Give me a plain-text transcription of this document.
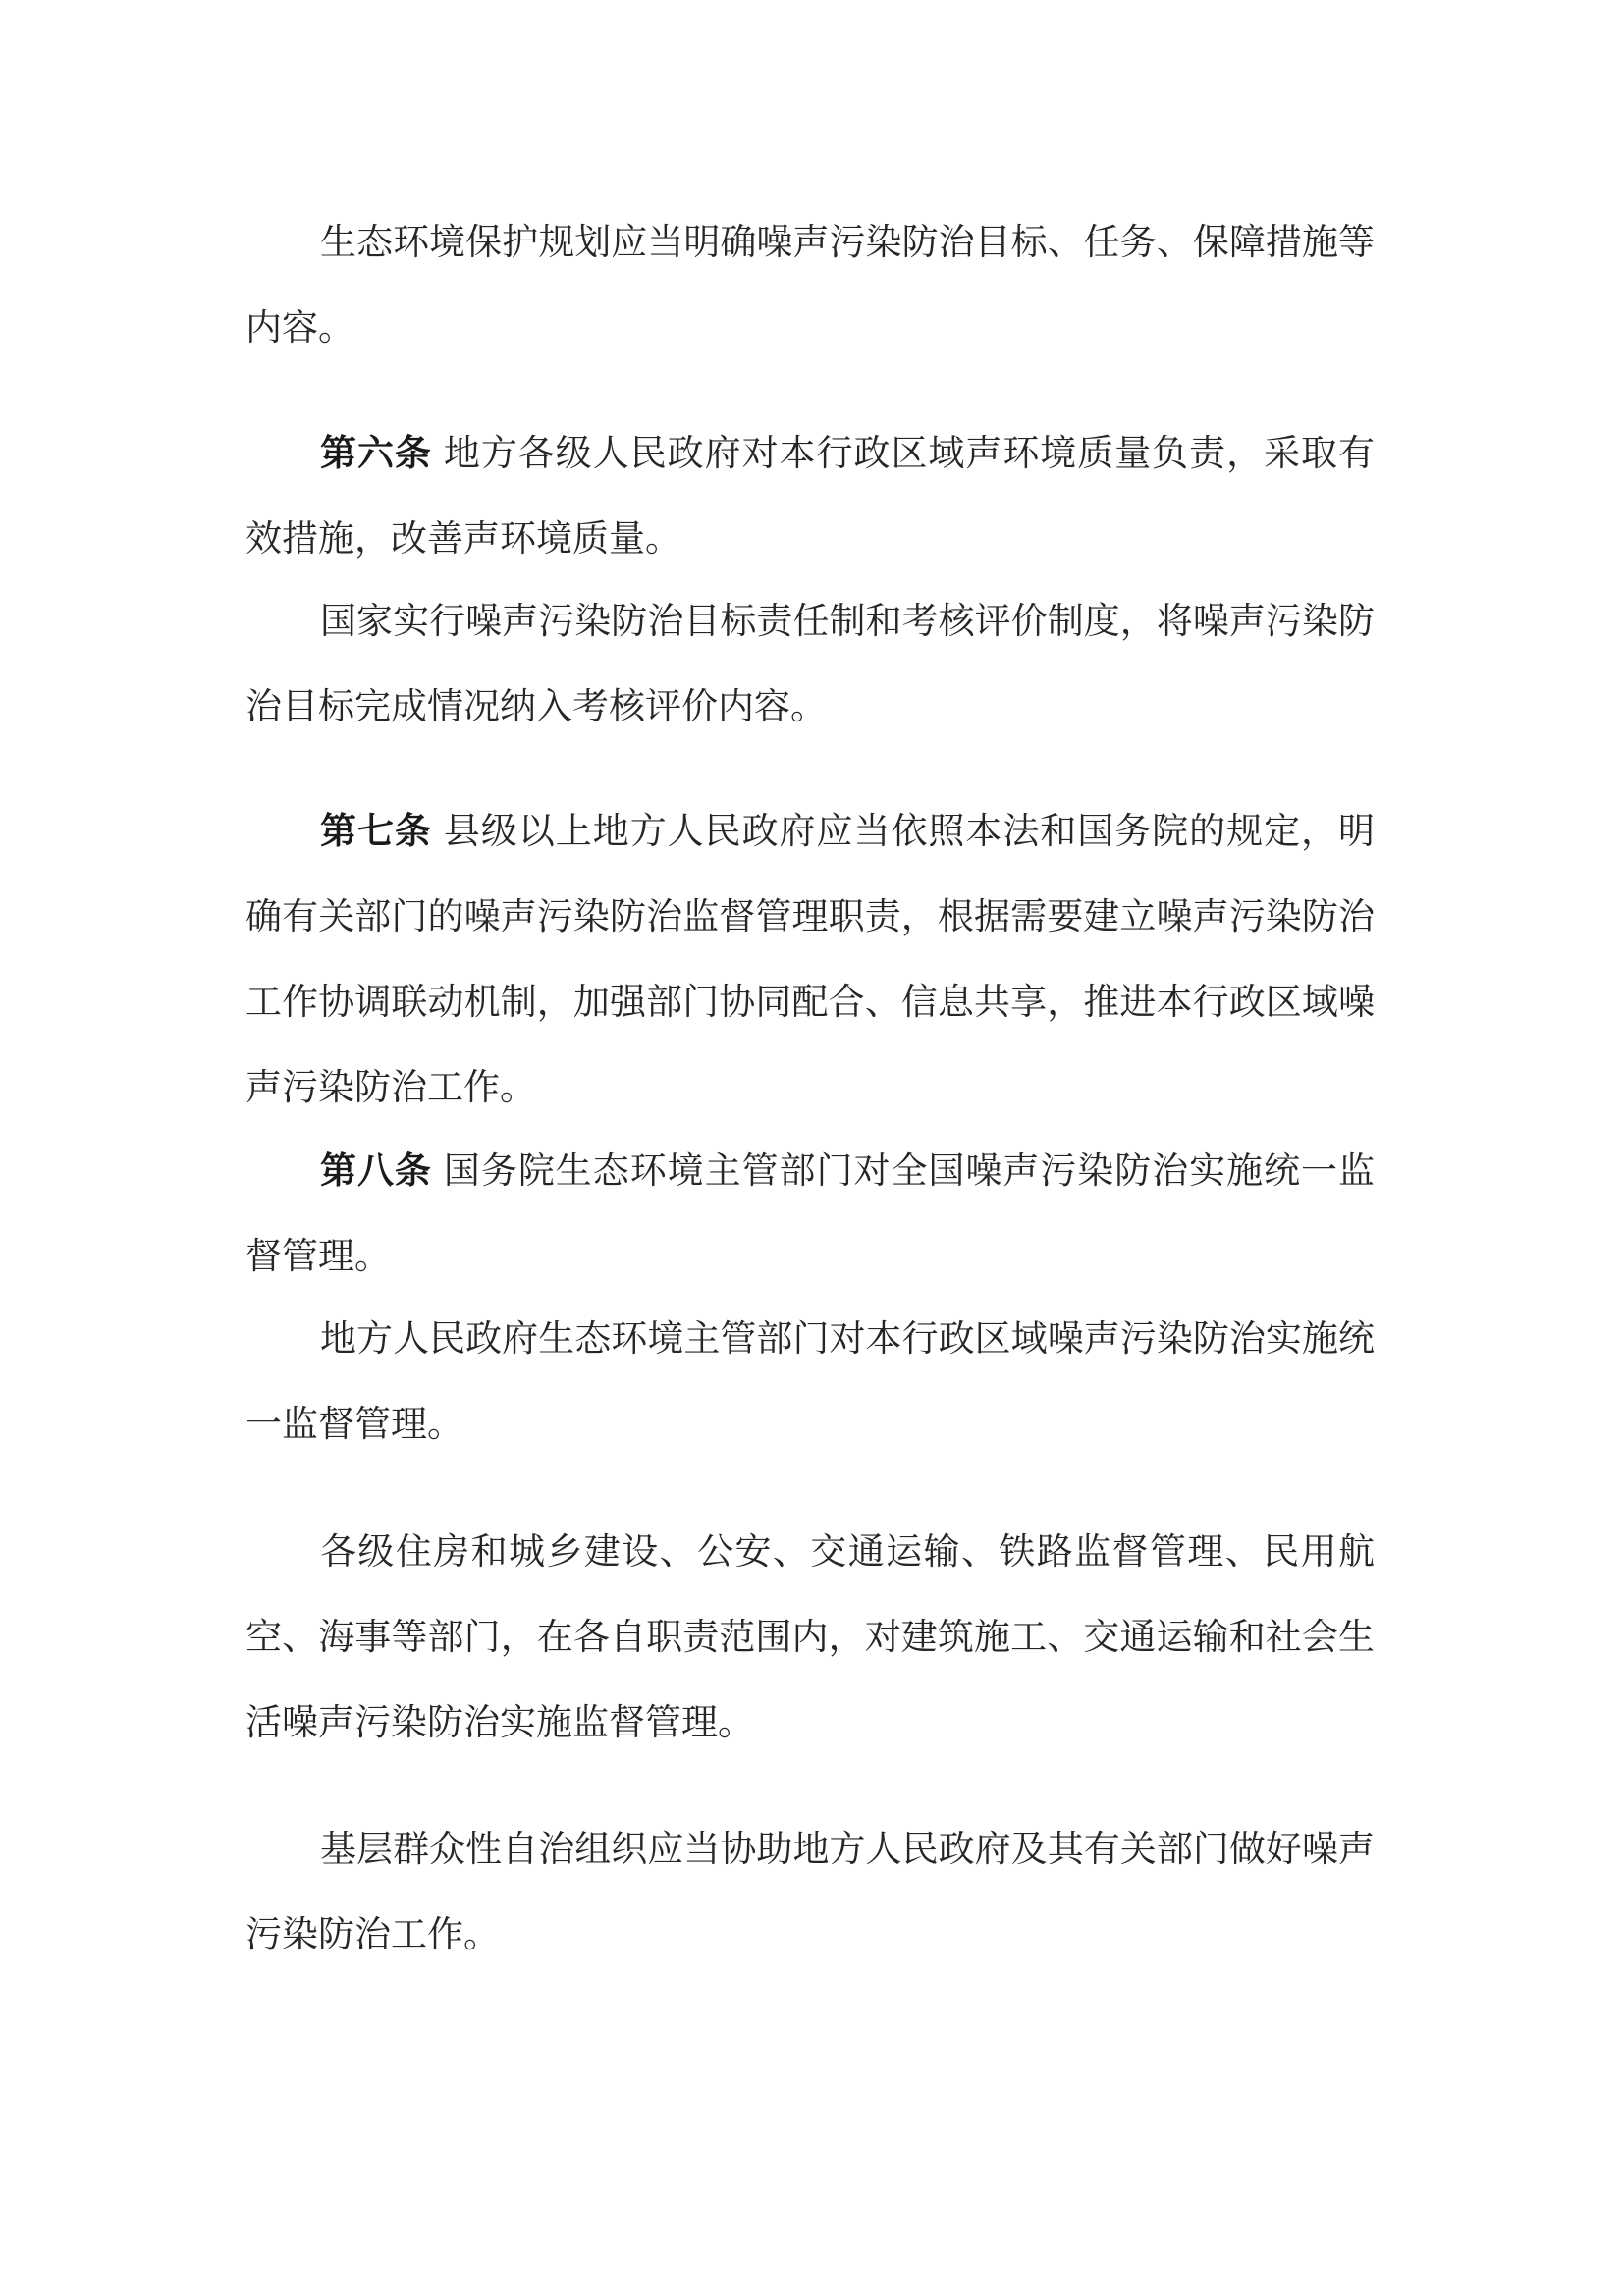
生态环境保护规划应当明确噪声污染防治目标、任务、保障措施等内容。

第六条 地方各级人民政府对本行政区域声环境质量负责，采取有效措施，改善声环境质量。

国家实行噪声污染防治目标责任制和考核评价制度，将噪声污染防治目标完成情况纳入考核评价内容。

第七条 县级以上地方人民政府应当依照本法和国务院的规定，明确有关部门的噪声污染防治监督管理职责，根据需要建立噪声污染防治工作协调联动机制，加强部门协同配合、信息共享，推进本行政区域噪声污染防治工作。

第八条 国务院生态环境主管部门对全国噪声污染防治实施统一监督管理。

地方人民政府生态环境主管部门对本行政区域噪声污染防治实施统一监督管理。

各级住房和城乡建设、公安、交通运输、铁路监督管理、民用航空、海事等部门，在各自职责范围内，对建筑施工、交通运输和社会生活噪声污染防治实施监督管理。

基层群众性自治组织应当协助地方人民政府及其有关部门做好噪声污染防治工作。
